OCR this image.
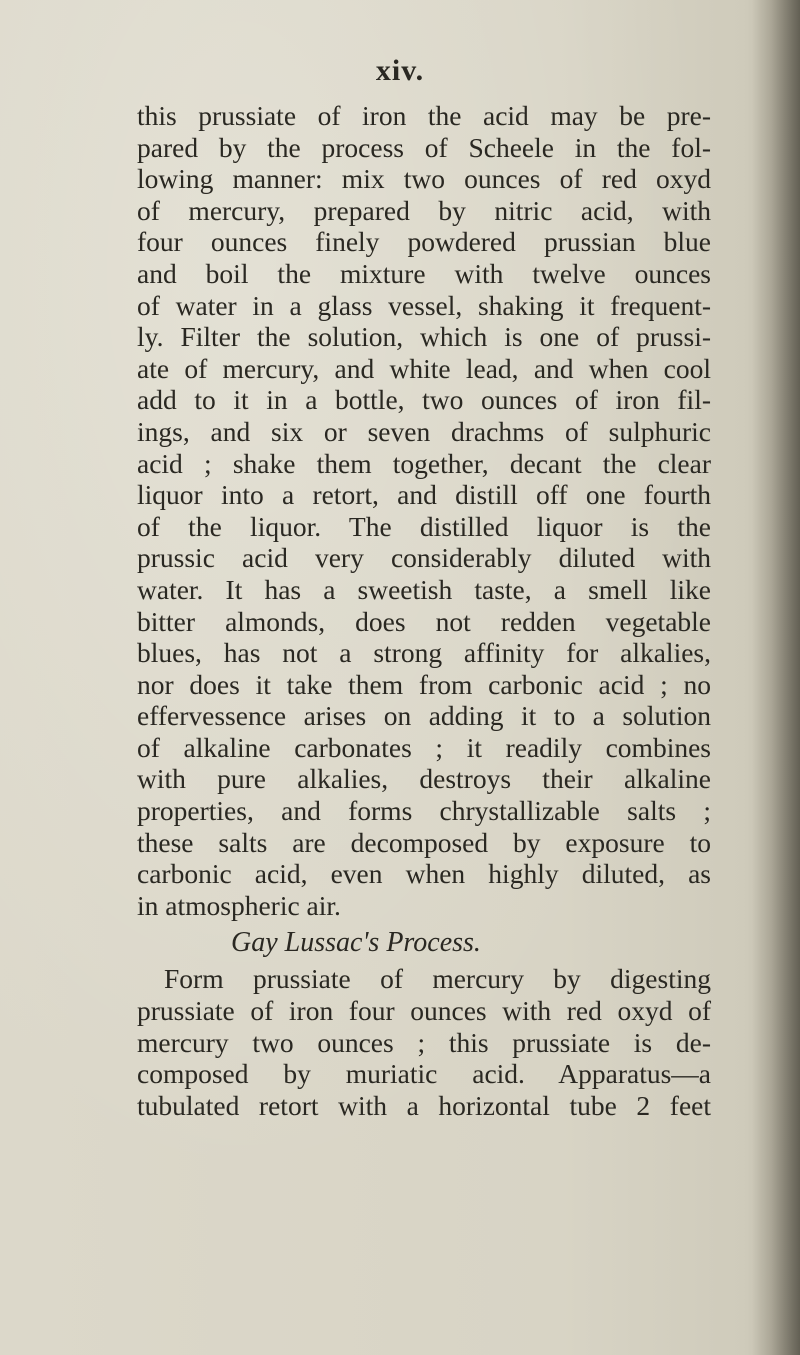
xiv.
this prussiate of iron the acid may be pre-
pared by the process of Scheele in the fol-
lowing manner: mix two ounces of red oxyd
of mercury, prepared by nitric acid, with
four ounces finely powdered prussian blue
and boil the mixture with twelve ounces
of water in a glass vessel, shaking it frequent-
ly. Filter the solution, which is one of prussi-
ate of mercury, and white lead, and when cool
add to it in a bottle, two ounces of iron fil-
ings, and six or seven drachms of sulphuric
acid ; shake them together, decant the clear
liquor into a retort, and distill off one fourth
of the liquor. The distilled liquor is the
prussic acid very considerably diluted with
water. It has a sweetish taste, a smell like
bitter almonds, does not redden vegetable
blues, has not a strong affinity for alkalies,
nor does it take them from carbonic acid ; no
effervessence arises on adding it to a solution
of alkaline carbonates ; it readily combines
with pure alkalies, destroys their alkaline
properties, and forms chrystallizable salts ;
these salts are decomposed by exposure to
carbonic acid, even when highly diluted, as
in atmospheric air.
Gay Lussac's Process.
Form prussiate of mercury by digesting
prussiate of iron four ounces with red oxyd of
mercury two ounces ; this prussiate is de-
composed by muriatic acid. Apparatus—a
tubulated retort with a horizontal tube 2 feet
